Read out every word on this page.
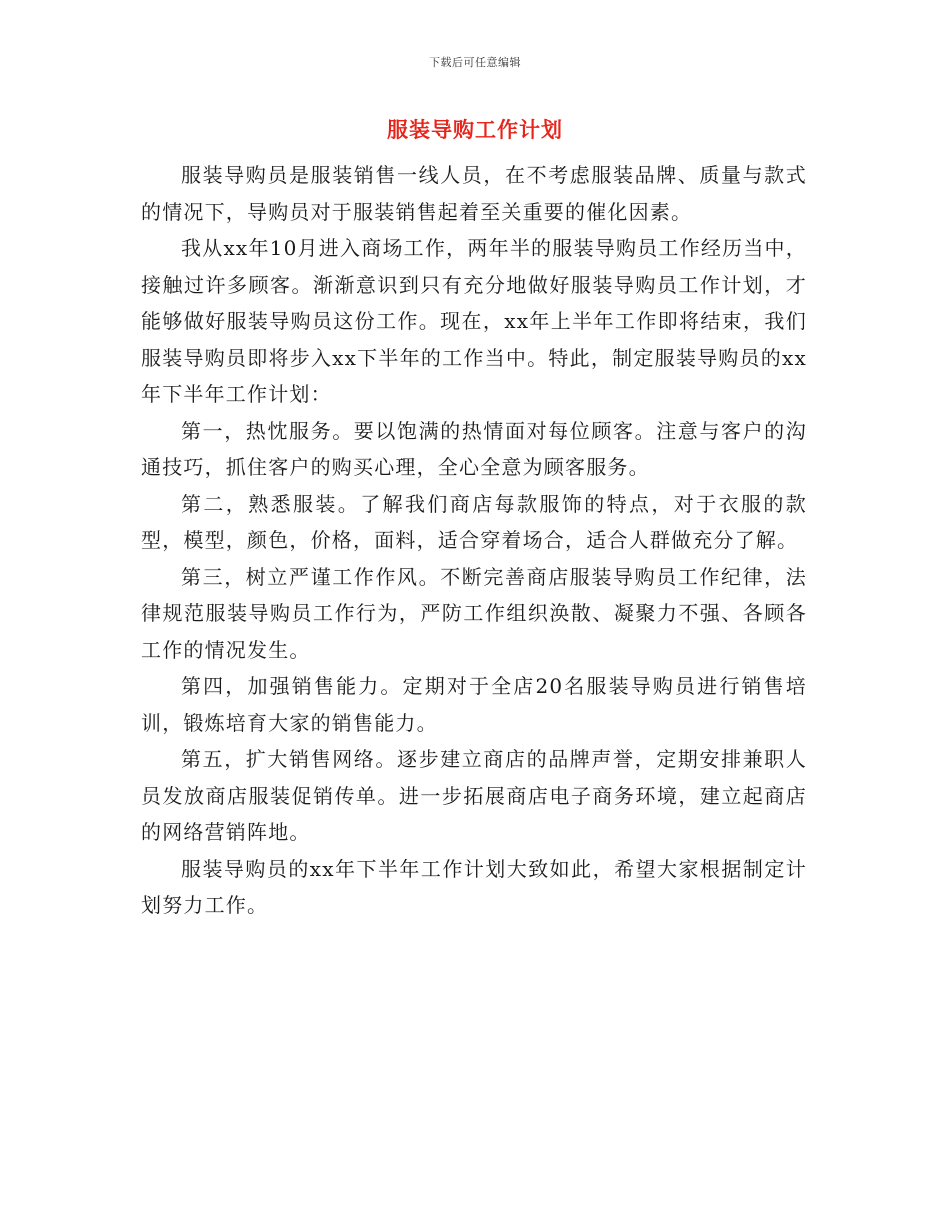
下载后可任意编辑
服装导购工作计划

服装导购员是服装销售一线人员，在不考虑服装品牌、质量与款式的情况下，导购员对于服装销售起着至关重要的催化因素。

我从xx年10月进入商场工作，两年半的服装导购员工作经历当中，接触过许多顾客。渐渐意识到只有充分地做好服装导购员工作计划，才能够做好服装导购员这份工作。现在，xx年上半年工作即将结束，我们服装导购员即将步入xx下半年的工作当中。特此，制定服装导购员的xx年下半年工作计划：

第一，热忱服务。要以饱满的热情面对每位顾客。注意与客户的沟通技巧，抓住客户的购买心理，全心全意为顾客服务。

第二，熟悉服装。了解我们商店每款服饰的特点，对于衣服的款型，模型，颜色，价格，面料，适合穿着场合，适合人群做充分了解。

第三，树立严谨工作作风。不断完善商店服装导购员工作纪律，法律规范服装导购员工作行为，严防工作组织涣散、凝聚力不强、各顾各工作的情况发生。

第四，加强销售能力。定期对于全店20名服装导购员进行销售培训，锻炼培育大家的销售能力。

第五，扩大销售网络。逐步建立商店的品牌声誉，定期安排兼职人员发放商店服装促销传单。进一步拓展商店电子商务环境，建立起商店的网络营销阵地。

服装导购员的xx年下半年工作计划大致如此，希望大家根据制定计划努力工作。
